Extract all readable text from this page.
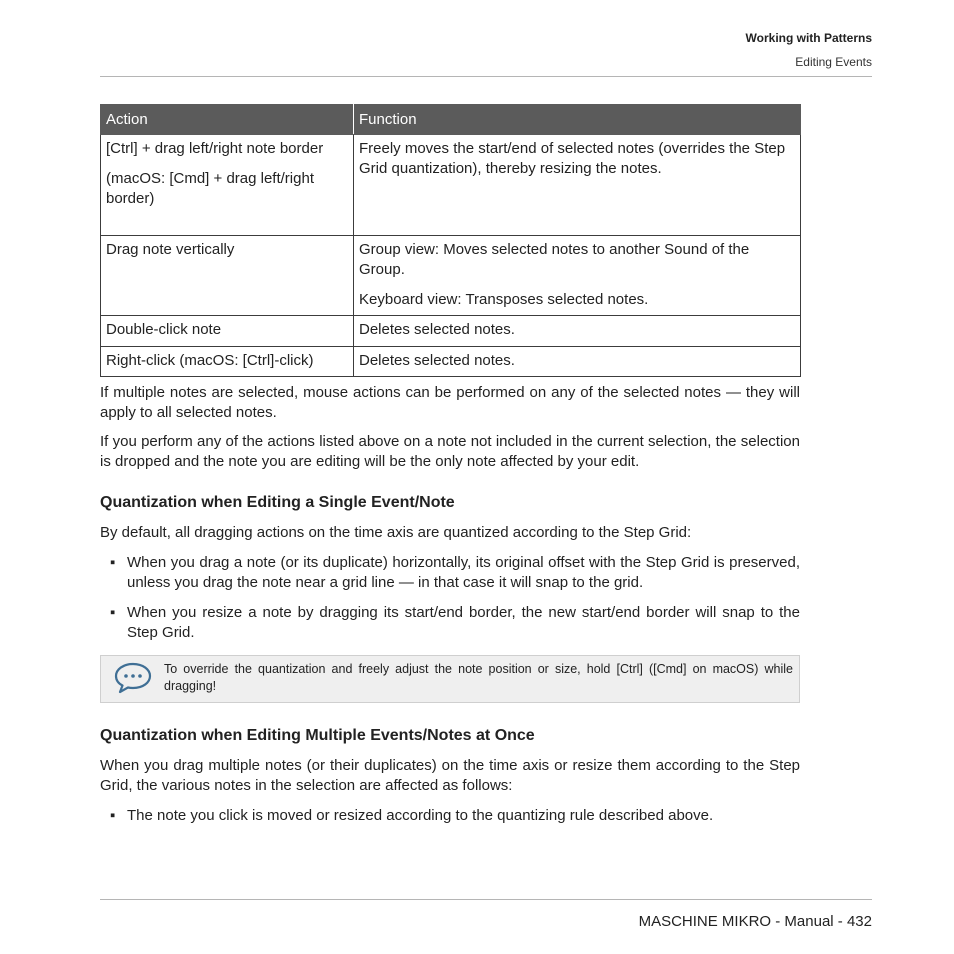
Working with Patterns
Editing Events
Action	Function

[Ctrl] + drag left/right note border

(macOS: [Cmd] + drag left/right border)	Freely moves the start/end of selected notes (overrides the Step Grid quantization), thereby resizing the notes.

Drag note vertically	Group view: Moves selected notes to another Sound of the Group.

Keyboard view: Transposes selected notes.

Double-click note	Deletes selected notes.

Right-click (macOS: [Ctrl]-click)	Deletes selected notes.

If multiple notes are selected, mouse actions can be performed on any of the selected notes — they will apply to all selected notes.

If you perform any of the actions listed above on a note not included in the current selection, the selection is dropped and the note you are editing will be the only note affected by your edit.

Quantization when Editing a Single Event/Note

By default, all dragging actions on the time axis are quantized according to the Step Grid:

▪ When you drag a note (or its duplicate) horizontally, its original offset with the Step Grid is preserved, unless you drag the note near a grid line — in that case it will snap to the grid.
▪ When you resize a note by dragging its start/end border, the new start/end border will snap to the Step Grid.
To override the quantization and freely adjust the note position or size, hold [Ctrl] ([Cmd] on macOS) while dragging!
Quantization when Editing Multiple Events/Notes at Once

When you drag multiple notes (or their duplicates) on the time axis or resize them according to the Step Grid, the various notes in the selection are affected as follows:

▪ The note you click is moved or resized according to the quantizing rule described above.
MASCHINE MIKRO - Manual - 432
